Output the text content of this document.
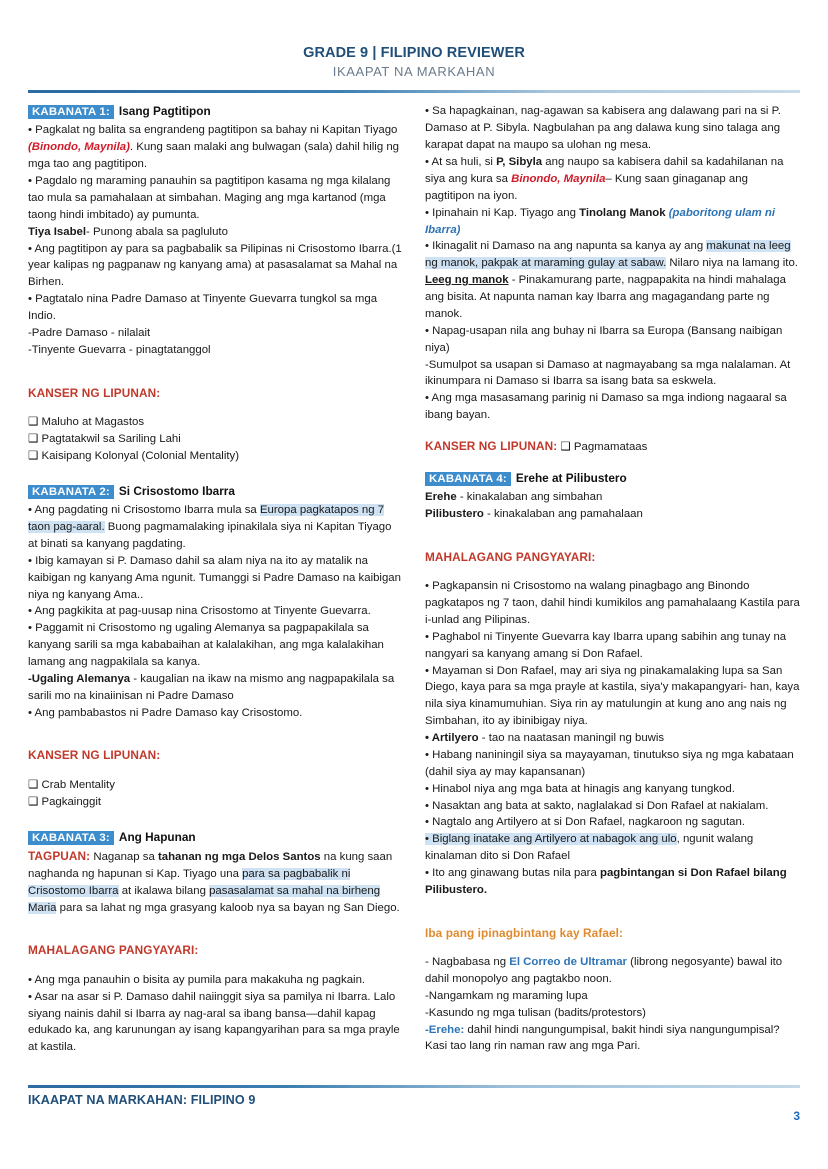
GRADE 9 | FILIPINO REVIEWER
IKAAPAT NA MARKAHAN
KABANATA 1: Isang Pagtitipon

• Pagkalat ng balita sa engrandeng pagtitipon sa bahay ni Kapitan Tiyago (Binondo, Maynila). Kung saan malaki ang bulwagan (sala) dahil hilig ng mga tao ang pagtitipon.

• Pagdalo ng maraming panauhin sa pagtitipon kasama ng mga kilalang tao mula sa pamahalaan at simbahan. Maging ang mga kartanod (mga taong hindi imbitado) ay pumunta.

Tiya Isabel- Punong abala sa pagluluto

• Ang pagtitipon ay para sa pagbabalik sa Pilipinas ni Crisostomo Ibarra.(1 year kalipas ng pagpanaw ng kanyang ama) at pasasalamat sa Mahal na Birhen.

• Pagtatalo nina Padre Damaso at Tinyente Guevarra tungkol sa mga Indio.

-Padre Damaso - nilalait

-Tinyente Guevarra - pinagtatanggol

KANSER NG LIPUNAN:

❑ Maluho at Magastos

❑ Pagtatakwil sa Sariling Lahi

❑ Kaisipang Kolonyal (Colonial Mentality)

KABANATA 2: Si Crisostomo Ibarra

• Ang pagdating ni Crisostomo Ibarra mula sa Europa pagkatapos ng 7 taon pag-aaral. Buong pagmamalaking ipinakilala siya ni Kapitan Tiyago at binati sa kanyang pagdating.

• Ibig kamayan si P. Damaso dahil sa alam niya na ito ay matalik na kaibigan ng kanyang Ama ngunit. Tumanggi si Padre Damaso na kaibigan niya ng kanyang Ama..

• Ang pagkikita at pag-uusap nina Crisostomo at Tinyente Guevarra.

• Paggamit ni Crisostomo ng ugaling Alemanya sa pagpapakilala sa kanyang sarili sa mga kababaihan at kalalakihan, ang mga kalalakihan lamang ang nagpakilala sa kanya.

-Ugaling Alemanya - kaugalian na ikaw na mismo ang nagpapakilala sa sarili mo na kinaiinisan ni Padre Damaso

• Ang pambabastos ni Padre Damaso kay Crisostomo.

KANSER NG LIPUNAN:

❑ Crab Mentality

❑ Pagkainggit

KABANATA 3: Ang Hapunan

TAGPUAN: Naganap sa tahanan ng mga Delos Santos na kung saan naghanda ng hapunan si Kap. Tiyago una para sa pagbabalik ni Crisostomo Ibarra at ikalawa bilang pasasalamat sa mahal na birheng Maria para sa lahat ng mga grasyang kaloob nya sa bayan ng San Diego.

MAHALAGANG PANGYAYARI:

• Ang mga panauhin o bisita ay pumila para makakuha ng pagkain.

• Asar na asar si P. Damaso dahil naiinggit siya sa pamilya ni Ibarra. Lalo siyang nainis dahil si Ibarra ay nag-aral sa ibang bansa—dahil kapag edukado ka, ang karunungan ay isang kapangyarihan para sa mga prayle at kastila.

• Sa hapagkainan, nag-agawan sa kabisera ang dalawang pari na si P. Damaso at P. Sibyla. Nagbulahan pa ang dalawa kung sino talaga ang karapat dapat na maupo sa ulohan ng mesa.

• At sa huli, si P, Sibyla ang naupo sa kabisera dahil sa kadahilanan na siya ang kura sa Binondo, Maynila– Kung saan ginaganap ang pagtitipon na iyon.

• Ipinahain ni Kap. Tiyago ang Tinolang Manok (paboritong ulam ni Ibarra)

• Ikinagalit ni Damaso na ang napunta sa kanya ay ang makunat na leeg ng manok, pakpak at maraming gulay at sabaw. Nilaro niya na lamang ito.

Leeg ng manok - Pinakamurang parte, nagpapakita na hindi mahalaga ang bisita. At napunta naman kay Ibarra ang magagandang parte ng manok.

• Napag-usapan nila ang buhay ni Ibarra sa Europa (Bansang naibigan niya)

-Sumulpot sa usapan si Damaso at nagmayabang sa mga nalalaman. At ikinumpara ni Damaso si Ibarra sa isang bata sa eskwela.

• Ang mga masasamang parinig ni Damaso sa mga indiong nagaaral sa ibang bayan.

KANSER NG LIPUNAN: ❑ Pagmamataas

KABANATA 4: Erehe at Pilibustero

Erehe - kinakalaban ang simbahan

Pilibustero - kinakalaban ang pamahalaan

MAHALAGANG PANGYAYARI:

• Pagkapansin ni Crisostomo na walang pinagbago ang Binondo pagkatapos ng 7 taon, dahil hindi kumikilos ang pamahalaang Kastila para i-unlad ang Pilipinas.

• Paghabol ni Tinyente Guevarra kay Ibarra upang sabihin ang tunay na nangyari sa kanyang amang si Don Rafael.

• Mayaman si Don Rafael, may ari siya ng pinakamalaking lupa sa San Diego, kaya para sa mga prayle at kastila, siya'y makapangyari- han, kaya nila siya kinamumuhian. Siya rin ay matulungin at kung ano ang nais ng Simbahan, ito ay ibinibigay niya.

• Artilyero - tao na naatasan maningil ng buwis

• Habang naniningil siya sa mayayaman, tinutukso siya ng mga kabataan (dahil siya ay may kapansanan)

• Hinabol niya ang mga bata at hinagis ang kanyang tungkod.

• Nasaktan ang bata at sakto, naglalakad si Don Rafael at nakialam.

• Nagtalo ang Artilyero at si Don Rafael, nagkaroon ng sagutan.

• Biglang inatake ang Artilyero at nabagok ang ulo, ngunit walang kinalaman dito si Don Rafael

• Ito ang ginawang butas nila para pagbintangan si Don Rafael bilang Pilibustero.

Iba pang ipinagbintang kay Rafael:

- Nagbabasa ng El Correo de Ultramar (librong negosyante) bawal ito dahil monopolyo ang pagtakbo noon.

-Nangamkam ng maraming lupa

-Kasundo ng mga tulisan (badits/protestors)

-Erehe: dahil hindi nangungumpisal, bakit hindi siya nangungumpisal? Kasi tao lang rin naman raw ang mga Pari.

IKAAPAT NA MARKAHAN: FILIPINO 9
3
